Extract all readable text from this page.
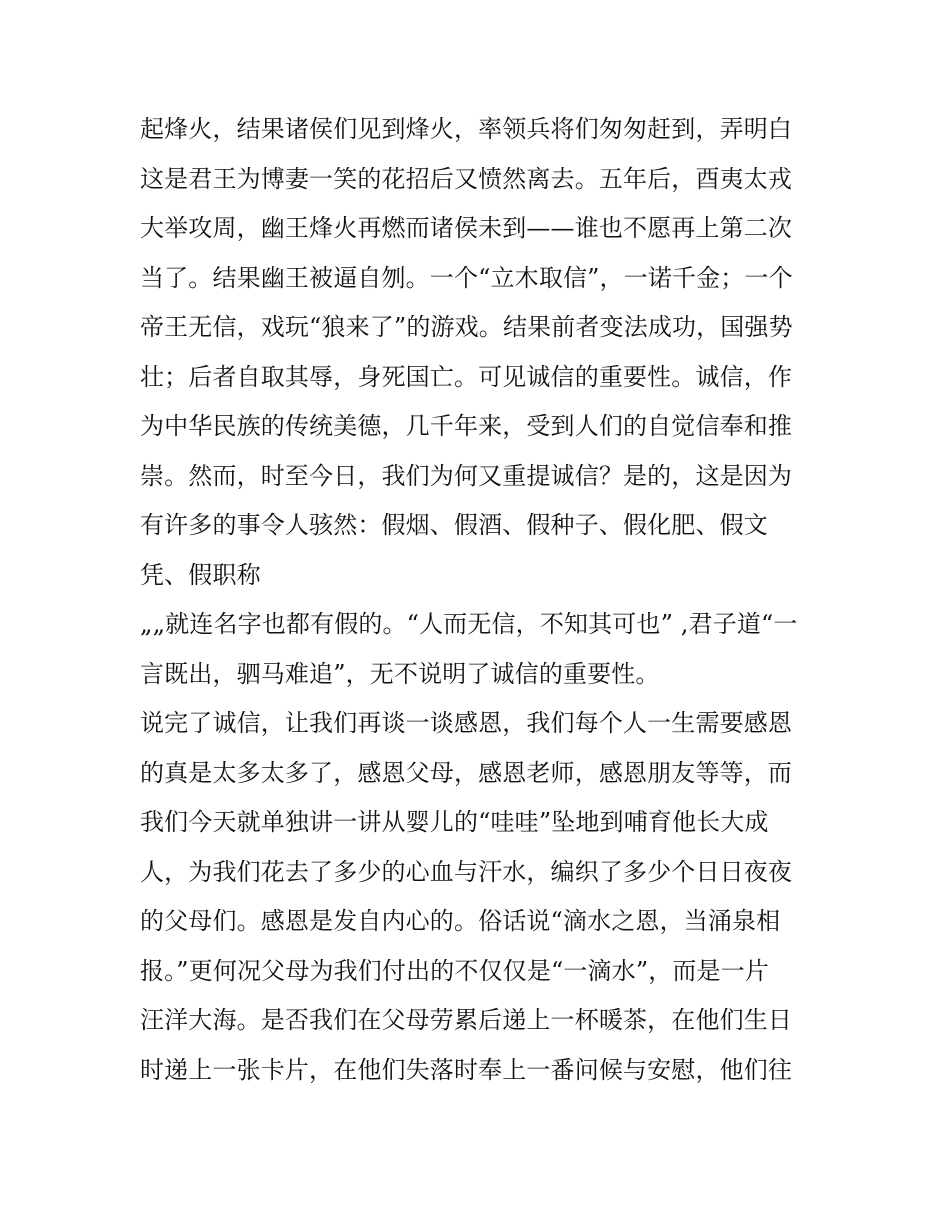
起烽火，结果诸侯们见到烽火，率领兵将们匆匆赶到，弄明白
这是君王为博妻一笑的花招后又愤然离去。五年后，酉夷太戎
大举攻周，幽王烽火再燃而诸侯未到——谁也不愿再上第二次
当了。结果幽王被逼自刎。一个“立木取信”，一诺千金；一个
帝王无信，戏玩“狼来了”的游戏。结果前者变法成功，国强势
壮；后者自取其辱，身死国亡。可见诚信的重要性。诚信，作
为中华民族的传统美德，几千年来，受到人们的自觉信奉和推
崇。然而，时至今日，我们为何又重提诚信？是的，这是因为
有许多的事令人骇然：假烟、假酒、假种子、假化肥、假文
凭、假职称
„„就连名字也都有假的。“人而无信，不知其可也” ,君子道“一
言既出，驷马难追”，无不说明了诚信的重要性。
说完了诚信，让我们再谈一谈感恩，我们每个人一生需要感恩
的真是太多太多了，感恩父母，感恩老师，感恩朋友等等，而
我们今天就单独讲一讲从婴儿的“哇哇”坠地到哺育他长大成
人，为我们花去了多少的心血与汗水，编织了多少个日日夜夜
的父母们。感恩是发自内心的。俗话说“滴水之恩，当涌泉相
报。”更何况父母为我们付出的不仅仅是“一滴水”，而是一片
汪洋大海。是否我们在父母劳累后递上一杯暖茶，在他们生日
时递上一张卡片，在他们失落时奉上一番问候与安慰，他们往
